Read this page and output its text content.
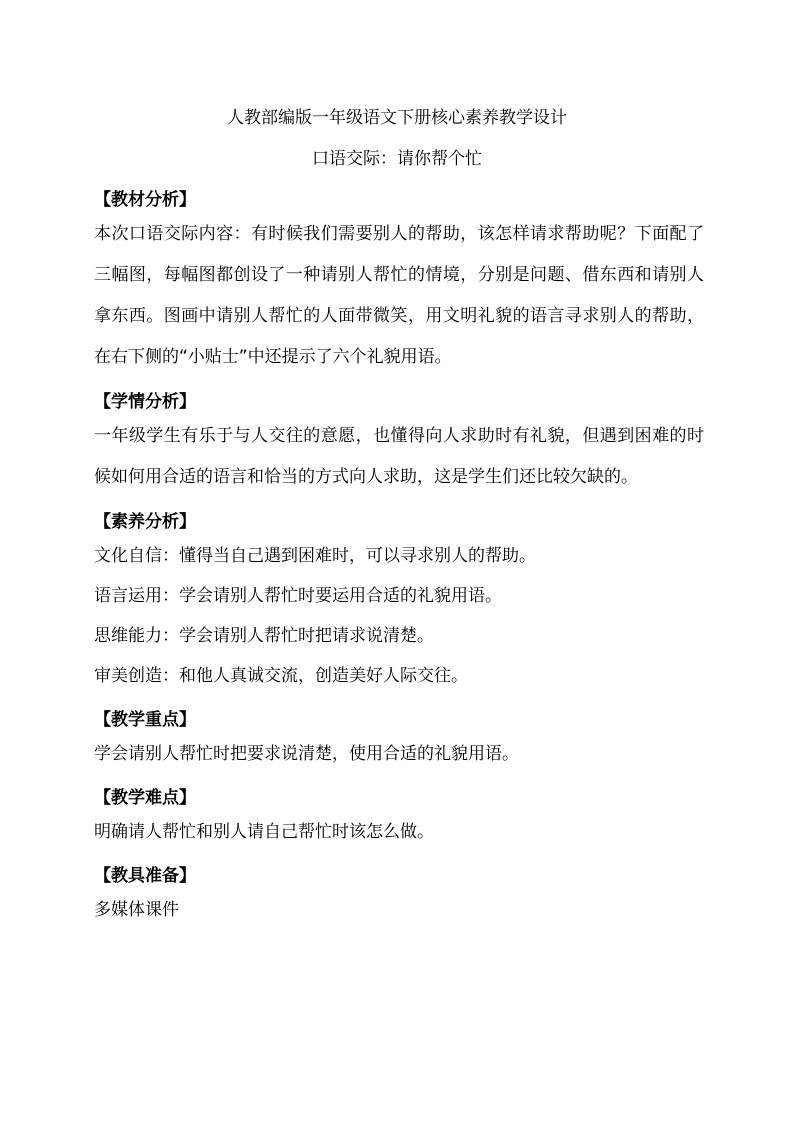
人教部编版一年级语文下册核心素养教学设计
口语交际：请你帮个忙
【教材分析】

本次口语交际内容：有时候我们需要别人的帮助，该怎样请求帮助呢？下面配了三幅图，每幅图都创设了一种请别人帮忙的情境，分别是问题、借东西和请别人拿东西。图画中请别人帮忙的人面带微笑，用文明礼貌的语言寻求别人的帮助，在右下侧的“小贴士”中还提示了六个礼貌用语。

【学情分析】

一年级学生有乐于与人交往的意愿，也懂得向人求助时有礼貌，但遇到困难的时候如何用合适的语言和恰当的方式向人求助，这是学生们还比较欠缺的。

【素养分析】

文化自信：懂得当自己遇到困难时，可以寻求别人的帮助。

语言运用：学会请别人帮忙时要运用合适的礼貌用语。

思维能力：学会请别人帮忙时把请求说清楚。

审美创造：和他人真诚交流，创造美好人际交往。

【教学重点】

学会请别人帮忙时把要求说清楚，使用合适的礼貌用语。

【教学难点】

明确请人帮忙和别人请自己帮忙时该怎么做。

【教具准备】

多媒体课件
